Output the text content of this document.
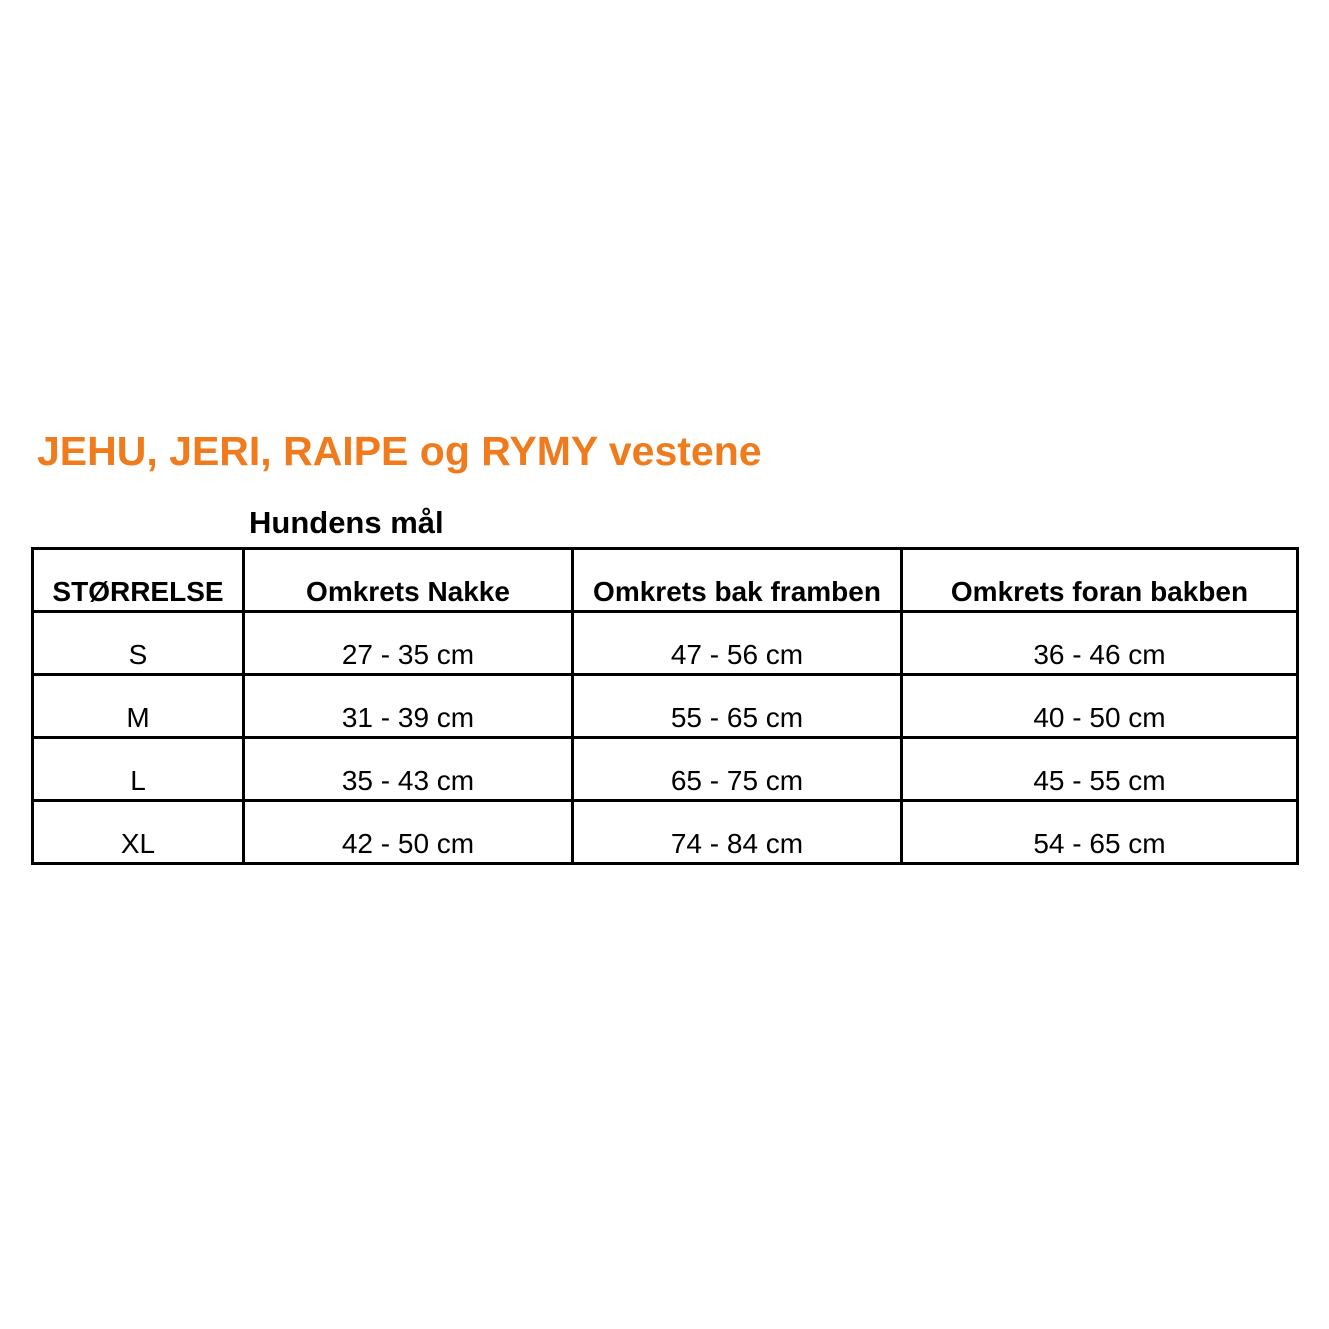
JEHU, JERI, RAIPE og RYMY vestene
Hundens mål
STØRRELSE	Omkrets Nakke	Omkrets bak framben	Omkrets foran bakben
S	27 - 35 cm	47 - 56 cm	36 - 46 cm
M	31 - 39 cm	55 - 65 cm	40 - 50 cm
L	35 - 43 cm	65 - 75 cm	45 - 55 cm
XL	42 - 50 cm	74 - 84 cm	54 - 65 cm
